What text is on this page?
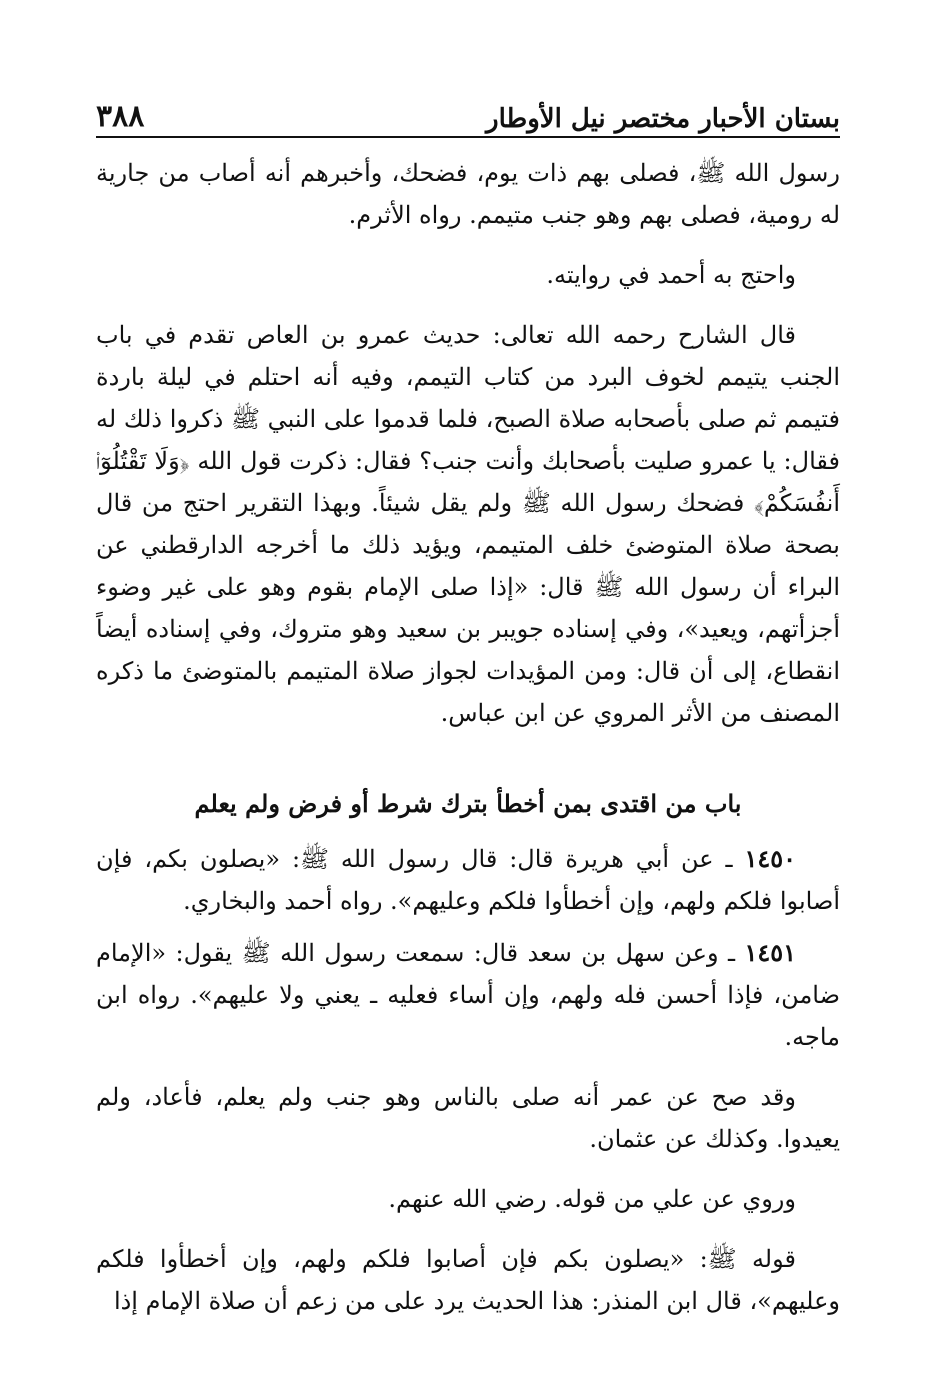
بستان الأحبار مختصر نيل الأوطار
٣٨٨

رسول الله ﷺ، فصلى بهم ذات يوم، فضحك، وأخبرهم أنه أصاب من جارية له رومية، فصلى بهم وهو جنب متيمم. رواه الأثرم.

واحتج به أحمد في روايته.

قال الشارح رحمه الله تعالى: حديث عمرو بن العاص تقدم في باب الجنب يتيمم لخوف البرد من كتاب التيمم، وفيه أنه احتلم في ليلة باردة فتيمم ثم صلى بأصحابه صلاة الصبح، فلما قدموا على النبي ﷺ ذكروا ذلك له فقال: يا عمرو صليت بأصحابك وأنت جنب؟ فقال: ذكرت قول الله ﴿وَلَا تَقْتُلُوٓا۟ أَنفُسَكُمْ﴾ فضحك رسول الله ﷺ ولم يقل شيئاً. وبهذا التقرير احتج من قال بصحة صلاة المتوضئ خلف المتيمم، ويؤيد ذلك ما أخرجه الدارقطني عن البراء أن رسول الله ﷺ قال: «إذا صلى الإمام بقوم وهو على غير وضوء أجزأتهم، ويعيد»، وفي إسناده جويبر بن سعيد وهو متروك، وفي إسناده أيضاً انقطاع، إلى أن قال: ومن المؤيدات لجواز صلاة المتيمم بالمتوضئ ما ذكره المصنف من الأثر المروي عن ابن عباس.

باب من اقتدى بمن أخطأ بترك شرط أو فرض ولم يعلم

١٤٥٠ ـ عن أبي هريرة قال: قال رسول الله ﷺ: «يصلون بكم، فإن أصابوا فلكم ولهم، وإن أخطأوا فلكم وعليهم». رواه أحمد والبخاري.

١٤٥١ ـ وعن سهل بن سعد قال: سمعت رسول الله ﷺ يقول: «الإمام ضامن، فإذا أحسن فله ولهم، وإن أساء فعليه ـ يعني ولا عليهم». رواه ابن ماجه.

وقد صح عن عمر أنه صلى بالناس وهو جنب ولم يعلم، فأعاد، ولم يعيدوا. وكذلك عن عثمان.

وروي عن علي من قوله. رضي الله عنهم.

قوله ﷺ: «يصلون بكم فإن أصابوا فلكم ولهم، وإن أخطأوا فلكم وعليهم»، قال ابن المنذر: هذا الحديث يرد على من زعم أن صلاة الإمام إذا
